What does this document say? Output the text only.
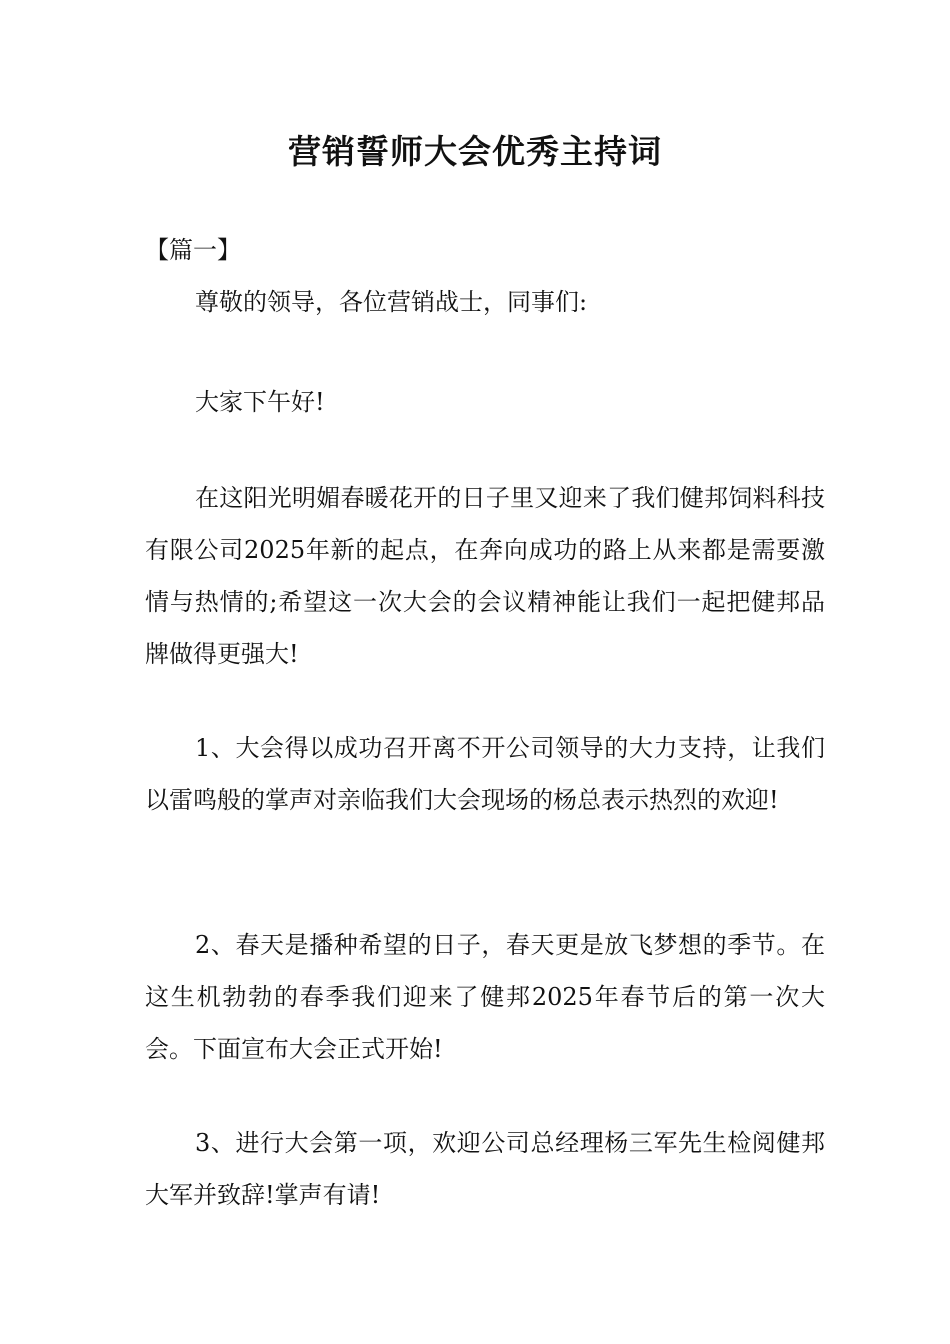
营销誓师大会优秀主持词

【篇一】

尊敬的领导，各位营销战士，同事们:

大家下午好!

在这阳光明媚春暖花开的日子里又迎来了我们健邦饲料科技有限公司2025年新的起点，在奔向成功的路上从来都是需要激情与热情的;希望这一次大会的会议精神能让我们一起把健邦品牌做得更强大!

1、大会得以成功召开离不开公司领导的大力支持，让我们以雷鸣般的掌声对亲临我们大会现场的杨总表示热烈的欢迎!

2、春天是播种希望的日子，春天更是放飞梦想的季节。在这生机勃勃的春季我们迎来了健邦2025年春节后的第一次大会。下面宣布大会正式开始!

3、进行大会第一项，欢迎公司总经理杨三军先生检阅健邦大军并致辞!掌声有请!
